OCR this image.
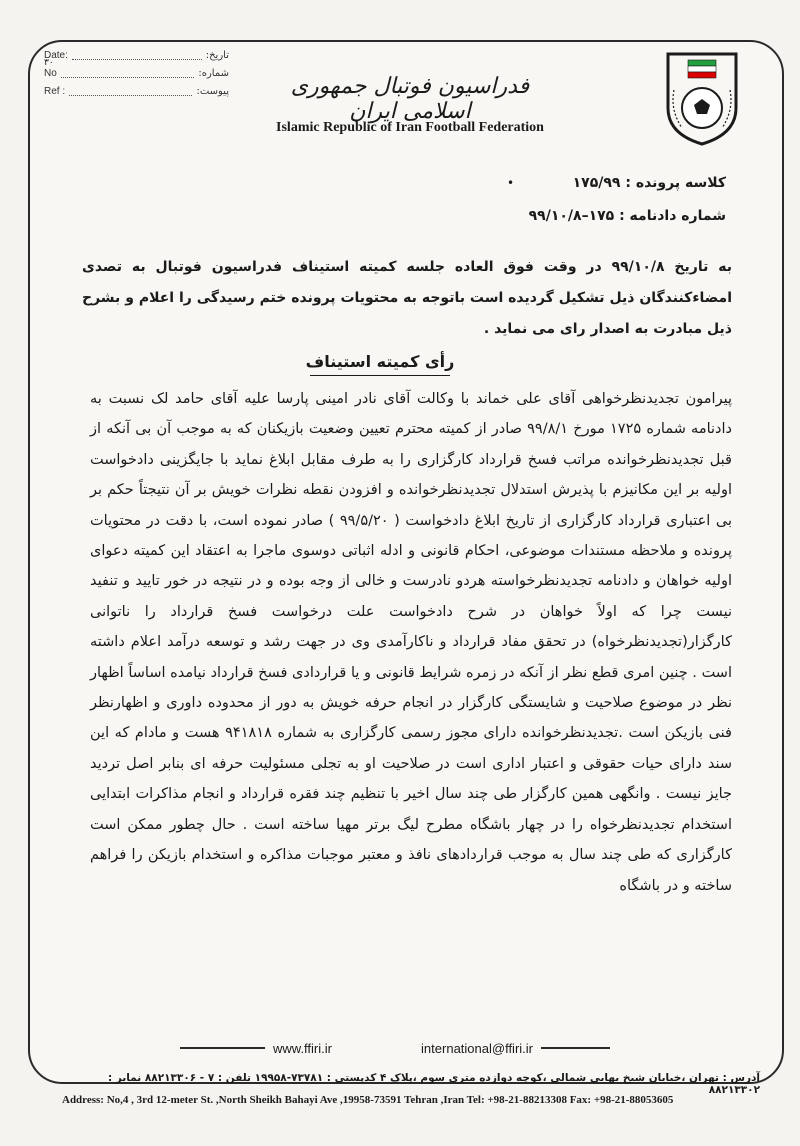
۳۰
Date:	تاریخ:
No	شماره:
Ref :	پیوست:	فدراسیون فوتبال جمهوری اسلامی ایران
Islamic Republic of Iran Football Federation
•	کلاسه پرونده : ۱۷۵/۹۹
شماره دادنامه : ۱۷۵–۹۹/۱۰/۸
به تاریخ ۹۹/۱۰/۸ در وقت فوق العاده جلسه کمیته استیناف فدراسیون فوتبال به تصدی امضاءکنندگان ذیل تشکیل گردیده است باتوجه به محتویات پرونده ختم رسیدگی را اعلام و بشرح ذیل مبادرت به اصدار رای می نماید .
رأی کمیته استیناف
پیرامون تجدیدنظرخواهی آقای علی خماند با وکالت آقای نادر امینی پارسا علیه آقای حامد لک نسبت به دادنامه شماره ۱۷۲۵ مورخ ۹۹/۸/۱ صادر از کمیته محترم تعیین وضعیت بازیکنان که به موجب آن بی آنکه از قبل تجدیدنظرخوانده مراتب فسخ قرارداد کارگزاری را به طرف مقابل ابلاغ نماید با جایگزینی دادخواست اولیه بر این مکانیزم با پذیرش استدلال تجدیدنظرخوانده و افزودن نقطه نظرات خویش بر آن نتیجتاً حکم بر بی اعتباری قرارداد کارگزاری از تاریخ ابلاغ دادخواست ( ۹۹/۵/۲۰ ) صادر نموده است، با دقت در محتویات پرونده و ملاحظه مستندات موضوعی، احکام قانونی و ادله اثباتی دوسوی ماجرا به اعتقاد این کمیته دعوای اولیه خواهان و دادنامه تجدیدنظرخواسته هردو نادرست و خالی از وجه بوده و در نتیجه در خور تایید و تنفید نیست چرا که اولاً خواهان در شرح دادخواست علت درخواست فسخ قرارداد را ناتوانی کارگزار(تجدیدنظرخواه) در تحقق مفاد قرارداد و ناکارآمدی وی در جهت رشد و توسعه درآمد اعلام داشته است . چنین امری قطع نظر از آنکه در زمره شرایط قانونی و یا قراردادی فسخ قرارداد نیامده اساساً اظهار نظر در موضوع صلاحیت و شایستگی کارگزار در انجام حرفه خویش به دور از محدوده داوری و اظهارنظر فنی بازیکن است .تجدیدنظرخوانده دارای مجوز رسمی کارگزاری به شماره ۹۴۱۸۱۸ هست و مادام که این سند دارای حیات حقوقی و اعتبار اداری است در صلاحیت او به تجلی مسئولیت حرفه ای بنابر اصل تردید جایز نیست . وانگهی همین کارگزار طی چند سال اخیر با تنظیم چند فقره قرارداد و انجام مذاکرات ابتدایی استخدام تجدیدنظرخواه را در چهار باشگاه مطرح لیگ برتر مهیا ساخته است . حال چطور ممکن است کارگزاری که طی چند سال به موجب قراردادهای نافذ و معتبر موجبات مذاکره و استخدام بازیکن را فراهم ساخته و در باشگاه
www.ffiri.ir	international@ffiri.ir
آدرس : تهران ،خیابان شیخ بهایی شمالی ،کوچه دوازده متری سوم ،پلاک ۴ کدپستی : ۷۳۷۸۱-۱۹۹۵۸ تلفن : ۷ - ۸۸۲۱۳۳۰۶ نمابر : ۸۸۲۱۳۳۰۲
Address: No,4 , 3rd 12-meter St. ,North Sheikh Bahayi Ave ,19958-73591 Tehran ,Iran Tel: +98-21-88213308 Fax: +98-21-88053605
